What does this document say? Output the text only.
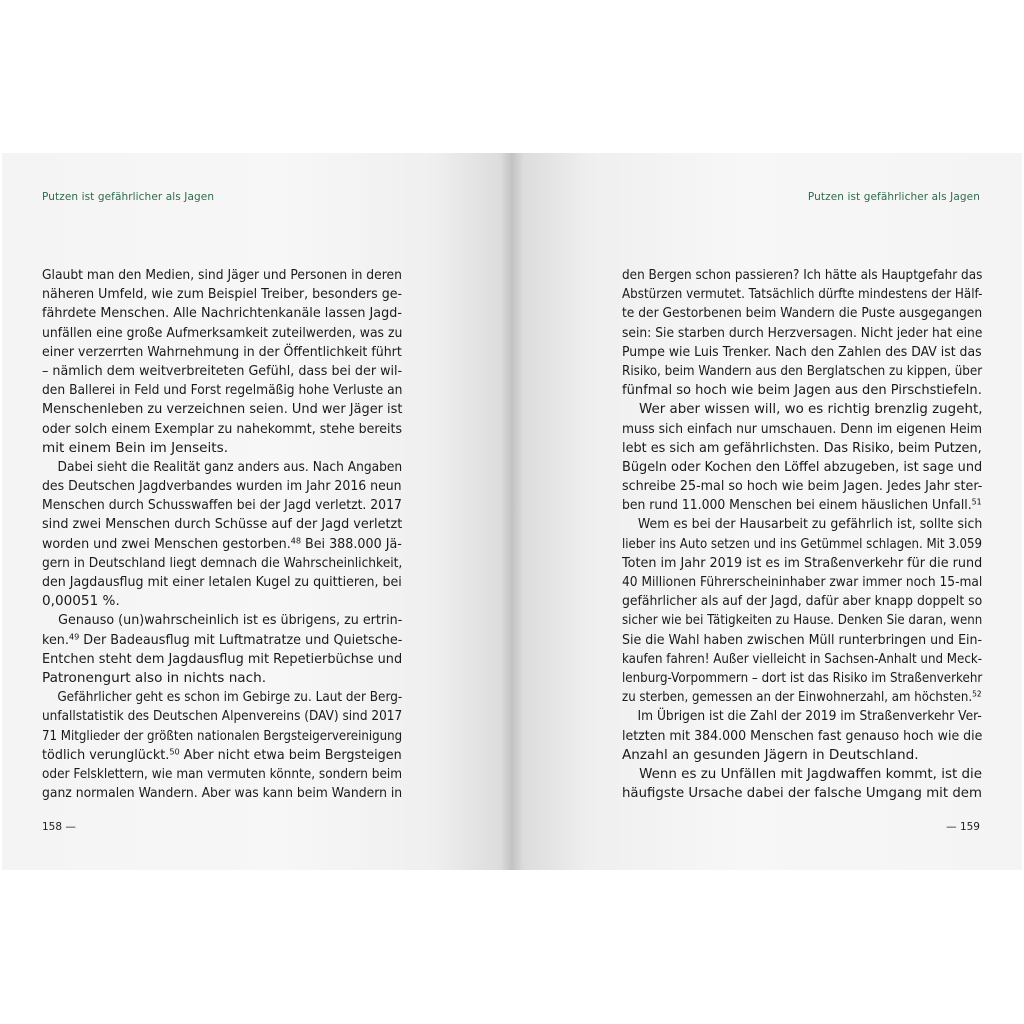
Putzen ist gefährlicher als Jagen
Glaubt man den Medien, sind Jäger und Personen in deren
näheren Umfeld, wie zum Beispiel Treiber, besonders ge-
fährdete Menschen. Alle Nachrichtenkanäle lassen Jagd-
unfällen eine große Aufmerksamkeit zuteilwerden, was zu
einer verzerrten Wahrnehmung in der Öffentlichkeit führt
– nämlich dem weitverbreiteten Gefühl, dass bei der wil-
den Ballerei in Feld und Forst regelmäßig hohe Verluste an
Menschenleben zu verzeichnen seien. Und wer Jäger ist
oder solch einem Exemplar zu nahekommt, stehe bereits
mit einem Bein im Jenseits.
Dabei sieht die Realität ganz anders aus. Nach Angaben
des Deutschen Jagdverbandes wurden im Jahr 2016 neun
Menschen durch Schusswaffen bei der Jagd verletzt. 2017
sind zwei Menschen durch Schüsse auf der Jagd verletzt
worden und zwei Menschen gestorben.⁴⁸ Bei 388.000 Jä-
gern in Deutschland liegt demnach die Wahrscheinlichkeit,
den Jagdausflug mit einer letalen Kugel zu quittieren, bei
0,00051 %.
Genauso (un)wahrscheinlich ist es übrigens, zu ertrin-
ken.⁴⁹ Der Badeausflug mit Luftmatratze und Quietsche-
Entchen steht dem Jagdausflug mit Repetierbüchse und
Patronengurt also in nichts nach.
Gefährlicher geht es schon im Gebirge zu. Laut der Berg-
unfallstatistik des Deutschen Alpenvereins (DAV) sind 2017
71 Mitglieder der größten nationalen Bergsteigervereinigung
tödlich verunglückt.⁵⁰ Aber nicht etwa beim Bergsteigen
oder Felsklettern, wie man vermuten könnte, sondern beim
ganz normalen Wandern. Aber was kann beim Wandern in
158 —
Putzen ist gefährlicher als Jagen
den Bergen schon passieren? Ich hätte als Hauptgefahr das
Abstürzen vermutet. Tatsächlich dürfte mindestens der Hälf-
te der Gestorbenen beim Wandern die Puste ausgegangen
sein: Sie starben durch Herzversagen. Nicht jeder hat eine
Pumpe wie Luis Trenker. Nach den Zahlen des DAV ist das
Risiko, beim Wandern aus den Berglatschen zu kippen, über
fünfmal so hoch wie beim Jagen aus den Pirschstiefeln.
Wer aber wissen will, wo es richtig brenzlig zugeht,
muss sich einfach nur umschauen. Denn im eigenen Heim
lebt es sich am gefährlichsten. Das Risiko, beim Putzen,
Bügeln oder Kochen den Löffel abzugeben, ist sage und
schreibe 25-mal so hoch wie beim Jagen. Jedes Jahr ster-
ben rund 11.000 Menschen bei einem häuslichen Unfall.⁵¹
Wem es bei der Hausarbeit zu gefährlich ist, sollte sich
lieber ins Auto setzen und ins Getümmel schlagen. Mit 3.059
Toten im Jahr 2019 ist es im Straßenverkehr für die rund
40 Millionen Führerscheininhaber zwar immer noch 15-mal
gefährlicher als auf der Jagd, dafür aber knapp doppelt so
sicher wie bei Tätigkeiten zu Hause. Denken Sie daran, wenn
Sie die Wahl haben zwischen Müll runterbringen und Ein-
kaufen fahren! Außer vielleicht in Sachsen-Anhalt und Meck-
lenburg-Vorpommern – dort ist das Risiko im Straßenverkehr
zu sterben, gemessen an der Einwohnerzahl, am höchsten.⁵²
Im Übrigen ist die Zahl der 2019 im Straßenverkehr Ver-
letzten mit 384.000 Menschen fast genauso hoch wie die
Anzahl an gesunden Jägern in Deutschland.
Wenn es zu Unfällen mit Jagdwaffen kommt, ist die
häufigste Ursache dabei der falsche Umgang mit dem
— 159
